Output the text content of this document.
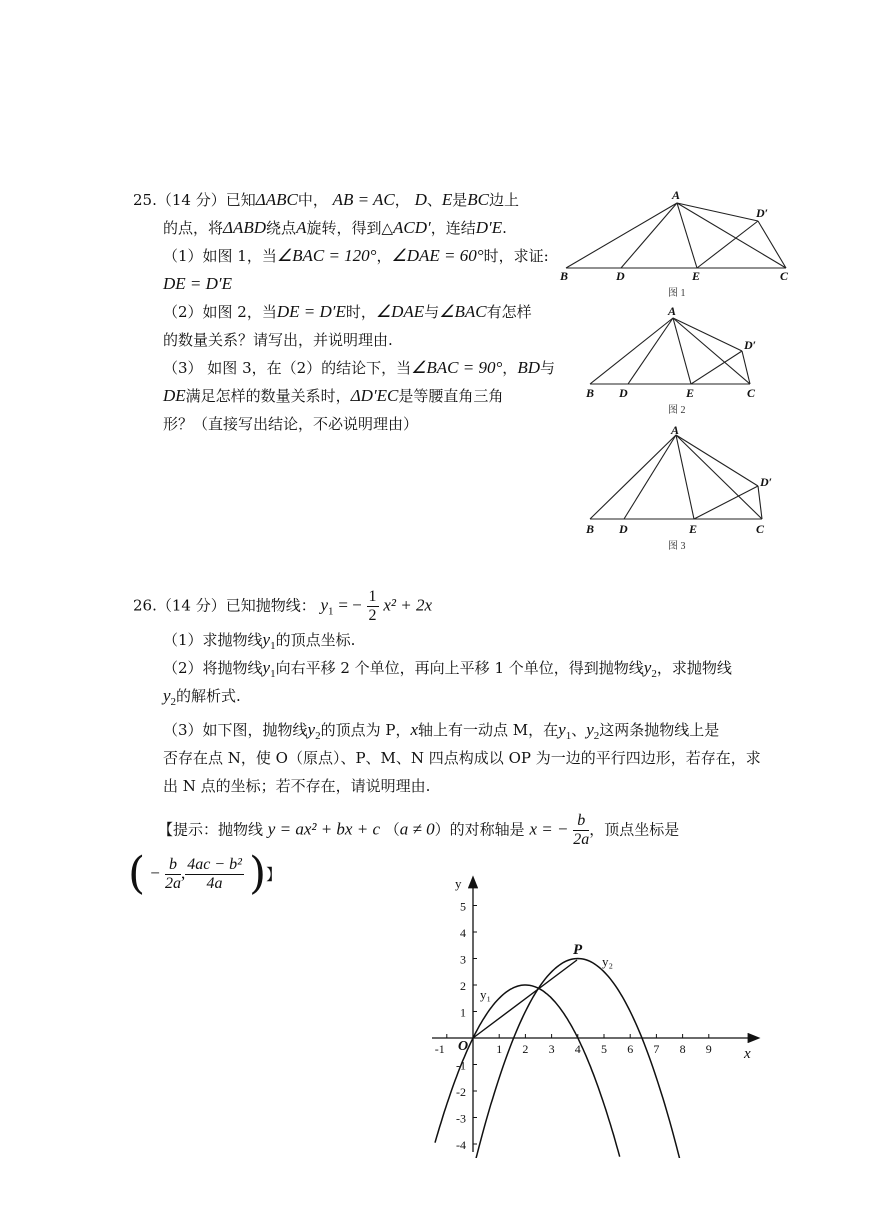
25.（14 分）已知ΔABC中， AB = AC， D、E是BC边上
的点，将ΔABD绕点A旋转，得到△ACD′，连结D′E.
（1）如图 1，当∠BAC = 120°，∠DAE = 60°时，求证:
DE = D′E
（2）如图 2，当DE = D′E时，∠DAE与∠BAC有怎样
的数量关系？请写出，并说明理由.
（3） 如图 3，在（2）的结论下，当∠BAC = 90°，BD与
DE满足怎样的数量关系时，ΔD′EC是等腰直角三角
形？（直接写出结论，不必说明理由）
A
B	D	E	C
D′
图 1
A
B D	E	C
D′
图 2
A
B D	E	C
D′
图 3
26.（14 分）已知抛物线： $y_1$ = − $\frac{1}{2} x^2 + 2x$
（1）求抛物线$y_1$的顶点坐标.
（2）将抛物线$y_1$向右平移 2 个单位，再向上平移 1 个单位，得到抛物线$y_2$，求抛物线
$y_2$的解析式.
（3）如下图，抛物线$y_2$的顶点为 P，x轴上有一动点 M，在$y_1$、$y_2$这两条抛物线上是
否存在点 N，使 O（原点）、P、M、N 四点构成以 OP 为一边的平行四边形，若存在，求
出 N 点的坐标；若不存在，请说明理由.
【提示：抛物线 y = ax² + bx + c （a ≠ 0）的对称轴是 x = − $\frac{b}{2a}$ ，顶点坐标是
( − $\frac{b}{2a}$ , $\frac{\text{4ac − b²}}{4a}$ )】
-1	1 2 3 4 5 6 7 8 9
5
4
3
2
1
-1
-2
-3
-4
y
x
O
P
y₁
y₂
